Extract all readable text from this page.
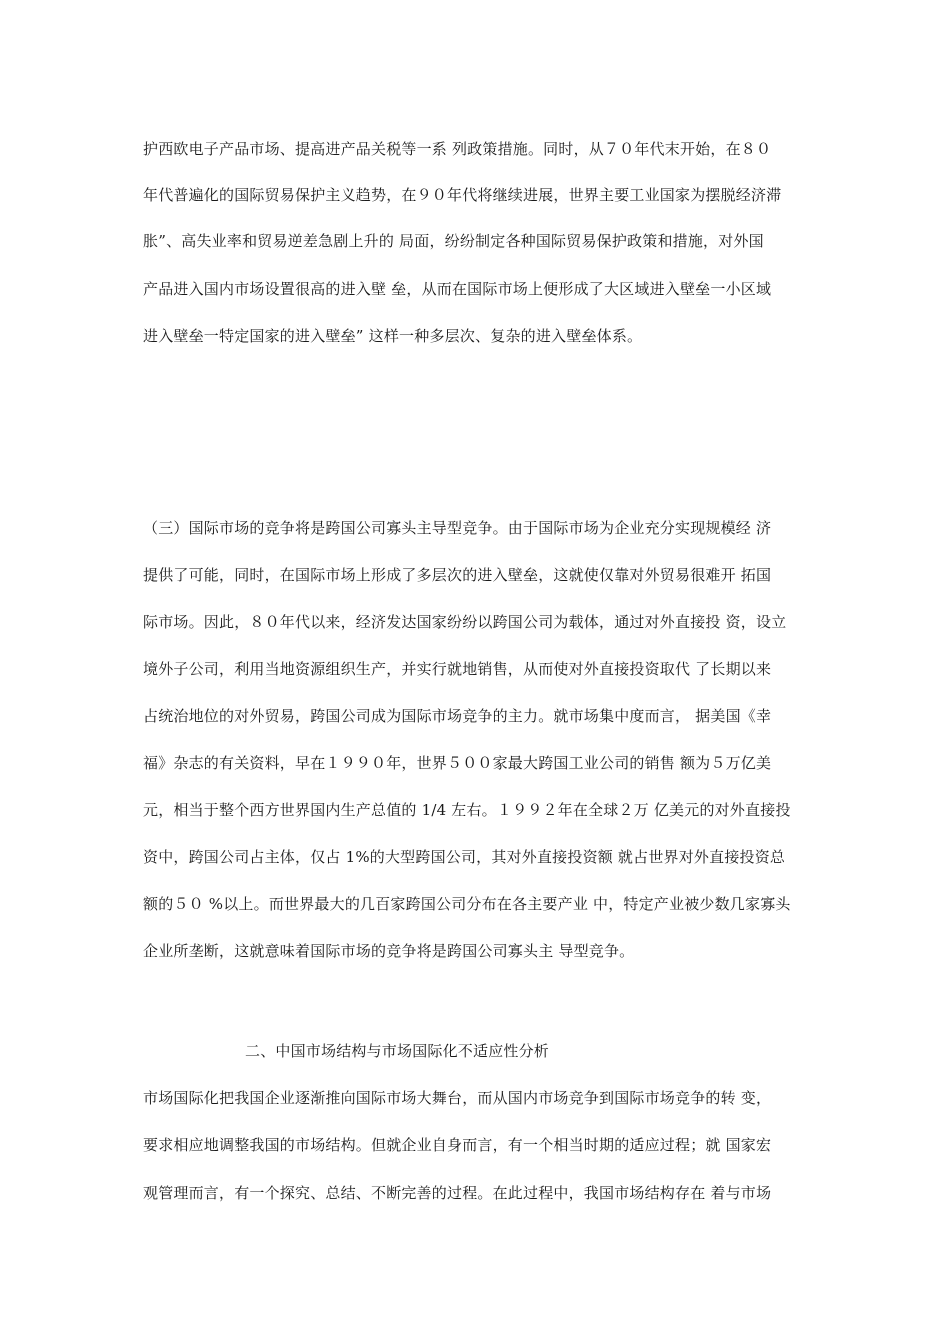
护西欧电子产品市场、提高进产品关税等一系 列政策措施。同时，从７０年代末开始，在８０
年代普遍化的国际贸易保护主义趋势，在９０年代将继续进展，世界主要工业国家为摆脱经济滞
胀”、高失业率和贸易逆差急剧上升的 局面，纷纷制定各种国际贸易保护政策和措施，对外国
产品进入国内市场设置很高的进入壁 垒，从而在国际市场上便形成了大区域进入壁垒一小区域
进入壁垒一特定国家的进入壁垒” 这样一种多层次、复杂的进入壁垒体系。
（三）国际市场的竞争将是跨国公司寡头主导型竞争。由于国际市场为企业充分实现规模经 济
提供了可能，同时，在国际市场上形成了多层次的进入壁垒，这就使仅靠对外贸易很难开 拓国
际市场。因此，８０年代以来，经济发达国家纷纷以跨国公司为载体，通过对外直接投 资，设立
境外子公司，利用当地资源组织生产，并实行就地销售，从而使对外直接投资取代 了长期以来
占统治地位的对外贸易，跨国公司成为国际市场竞争的主力。就市场集中度而言， 据美国《幸
福》杂志的有关资料，早在１９９０年，世界５００家最大跨国工业公司的销售 额为５万亿美
元，相当于整个西方世界国内生产总值的 1/4 左右。１９９２年在全球２万 亿美元的对外直接投
资中，跨国公司占主体，仅占 1%的大型跨国公司，其对外直接投资额 就占世界对外直接投资总
额的５０ %以上。而世界最大的几百家跨国公司分布在各主要产业 中，特定产业被少数几家寡头
企业所垄断，这就意味着国际市场的竞争将是跨国公司寡头主 导型竞争。
二、中国市场结构与市场国际化不适应性分析
市场国际化把我国企业逐渐推向国际市场大舞台，而从国内市场竞争到国际市场竞争的转 变，
要求相应地调整我国的市场结构。但就企业自身而言，有一个相当时期的适应过程；就 国家宏
观管理而言，有一个探究、总结、不断完善的过程。在此过程中，我国市场结构存在 着与市场
